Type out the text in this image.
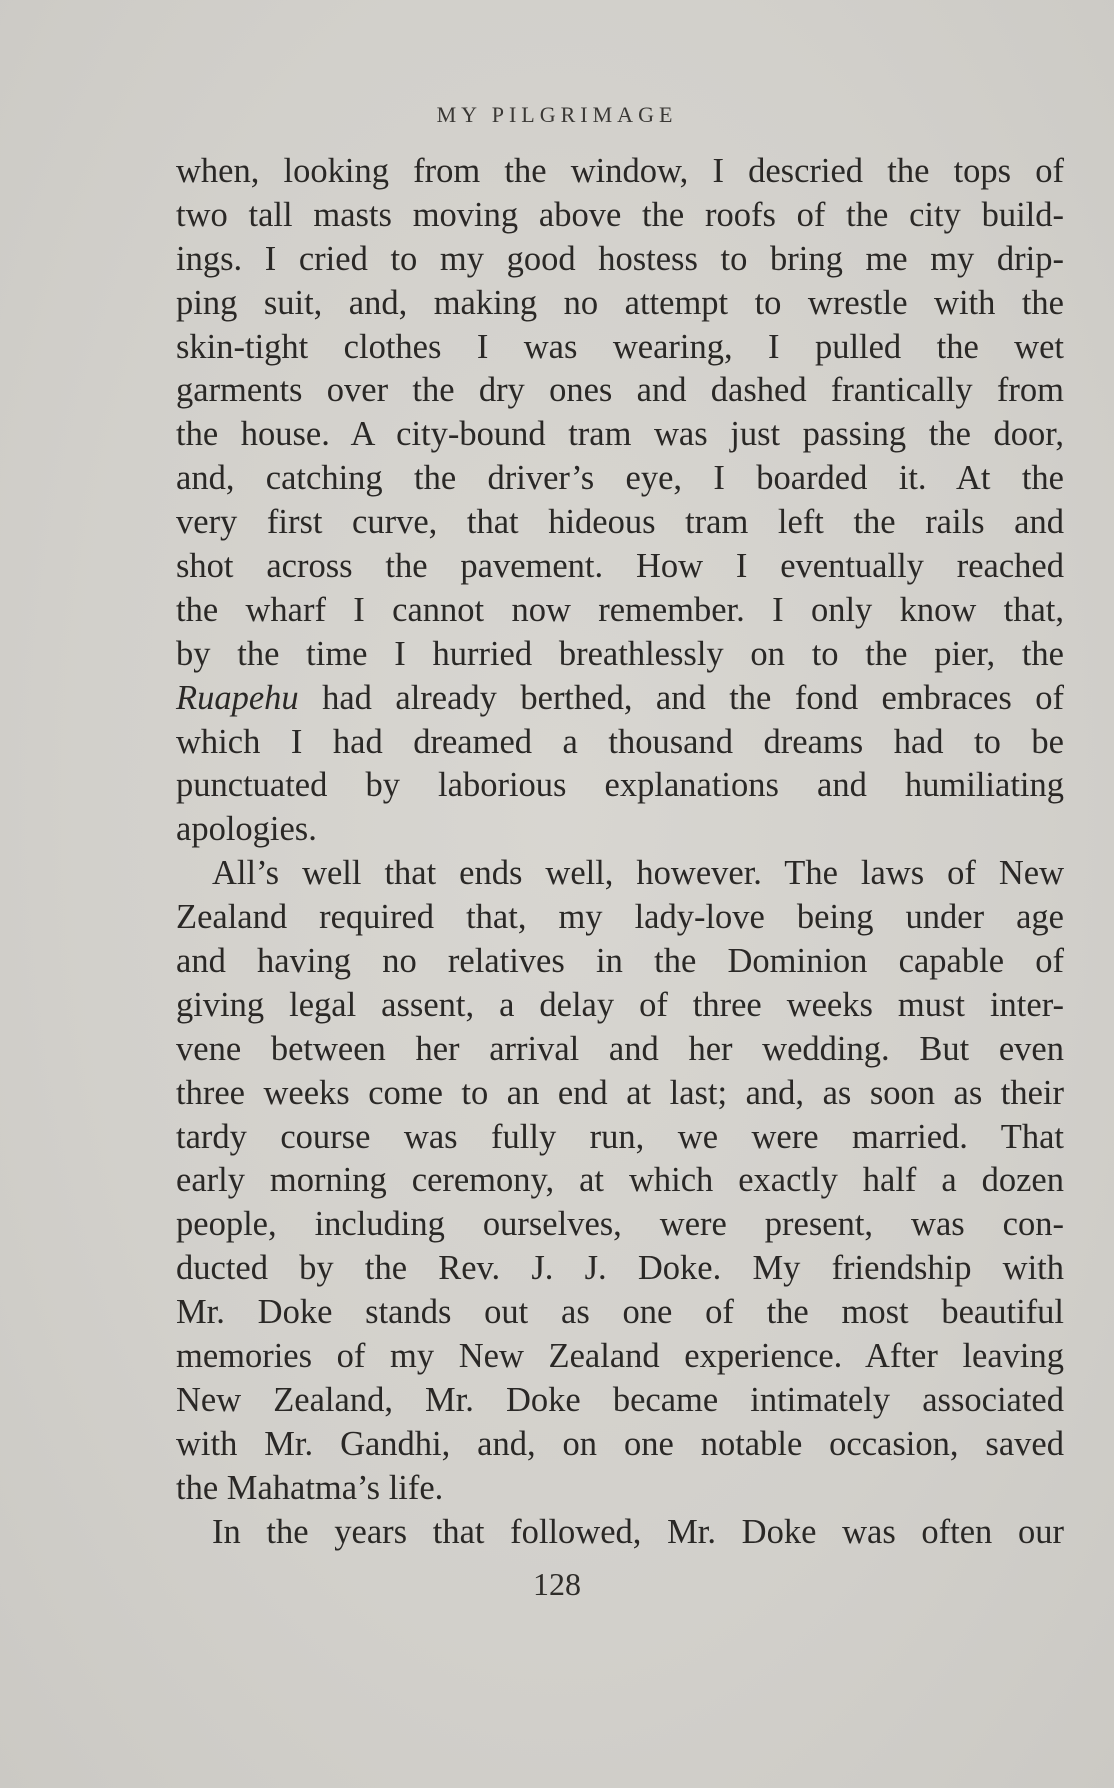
MY PILGRIMAGE
when, looking from the window, I descried the tops of
two tall masts moving above the roofs of the city build-
ings. I cried to my good hostess to bring me my drip-
ping suit, and, making no attempt to wrestle with the
skin-tight clothes I was wearing, I pulled the wet
garments over the dry ones and dashed frantically from
the house. A city-bound tram was just passing the door,
and, catching the driver’s eye, I boarded it. At the
very first curve, that hideous tram left the rails and
shot across the pavement. How I eventually reached
the wharf I cannot now remember. I only know that,
by the time I hurried breathlessly on to the pier, the
Ruapehu had already berthed, and the fond embraces of
which I had dreamed a thousand dreams had to be
punctuated by laborious explanations and humiliating
apologies.
All’s well that ends well, however. The laws of New
Zealand required that, my lady-love being under age
and having no relatives in the Dominion capable of
giving legal assent, a delay of three weeks must inter-
vene between her arrival and her wedding. But even
three weeks come to an end at last; and, as soon as their
tardy course was fully run, we were married. That
early morning ceremony, at which exactly half a dozen
people, including ourselves, were present, was con-
ducted by the Rev. J. J. Doke. My friendship with
Mr. Doke stands out as one of the most beautiful
memories of my New Zealand experience. After leaving
New Zealand, Mr. Doke became intimately associated
with Mr. Gandhi, and, on one notable occasion, saved
the Mahatma’s life.
In the years that followed, Mr. Doke was often our
128
